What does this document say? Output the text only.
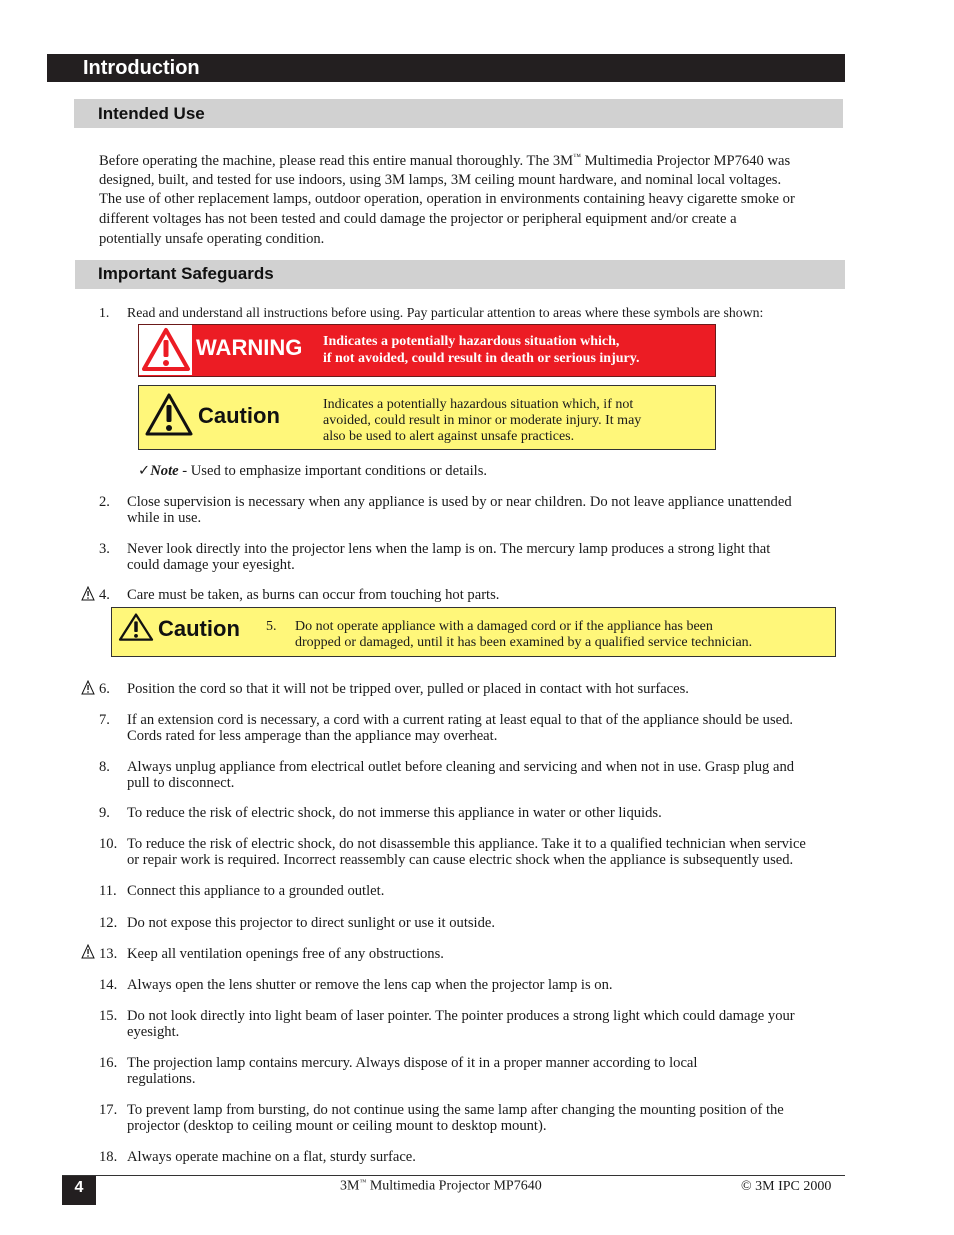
Introduction
Intended Use
Before operating the machine, please read this entire manual thoroughly. The 3M™ Multimedia Projector MP7640 was
designed, built, and tested for use indoors, using 3M lamps, 3M ceiling mount hardware, and nominal local voltages.
The use of other replacement lamps, outdoor operation, operation in environments containing heavy cigarette smoke or
different voltages has not been tested and could damage the projector or peripheral equipment and/or create a
potentially unsafe operating condition.
Important Safeguards
1. Read and understand all instructions before using. Pay particular attention to areas where these symbols are shown:
WARNING Indicates a potentially hazardous situation which,
if not avoided, could result in death or serious injury.
Caution	Indicates a potentially hazardous situation which, if not
avoided, could result in minor or moderate injury. It may
also be used to alert against unsafe practices.
✓Note - Used to emphasize important conditions or details.
2. Close supervision is necessary when any appliance is used by or near children. Do not leave appliance unattended
while in use.
3. Never look directly into the projector lens when the lamp is on. The mercury lamp produces a strong light that
could damage your eyesight.
4. Care must be taken, as burns can occur from touching hot parts.
Caution 5. Do not operate appliance with a damaged cord or if the appliance has been
dropped or damaged, until it has been examined by a qualified service technician.
6. Position the cord so that it will not be tripped over, pulled or placed in contact with hot surfaces.
7. If an extension cord is necessary, a cord with a current rating at least equal to that of the appliance should be used.
Cords rated for less amperage than the appliance may overheat.
8. Always unplug appliance from electrical outlet before cleaning and servicing and when not in use. Grasp plug and
pull to disconnect.
9. To reduce the risk of electric shock, do not immerse this appliance in water or other liquids.
10. To reduce the risk of electric shock, do not disassemble this appliance. Take it to a qualified technician when service
or repair work is required. Incorrect reassembly can cause electric shock when the appliance is subsequently used.
11. Connect this appliance to a grounded outlet.
12. Do not expose this projector to direct sunlight or use it outside.
13. Keep all ventilation openings free of any obstructions.
14. Always open the lens shutter or remove the lens cap when the projector lamp is on.
15. Do not look directly into light beam of laser pointer. The pointer produces a strong light which could damage your
eyesight.
16. The projection lamp contains mercury. Always dispose of it in a proper manner according to local
regulations.
17. To prevent lamp from bursting, do not continue using the same lamp after changing the mounting position of the
projector (desktop to ceiling mount or ceiling mount to desktop mount).
18. Always operate machine on a flat, sturdy surface.
4	3M™ Multimedia Projector MP7640	© 3M IPC 2000
